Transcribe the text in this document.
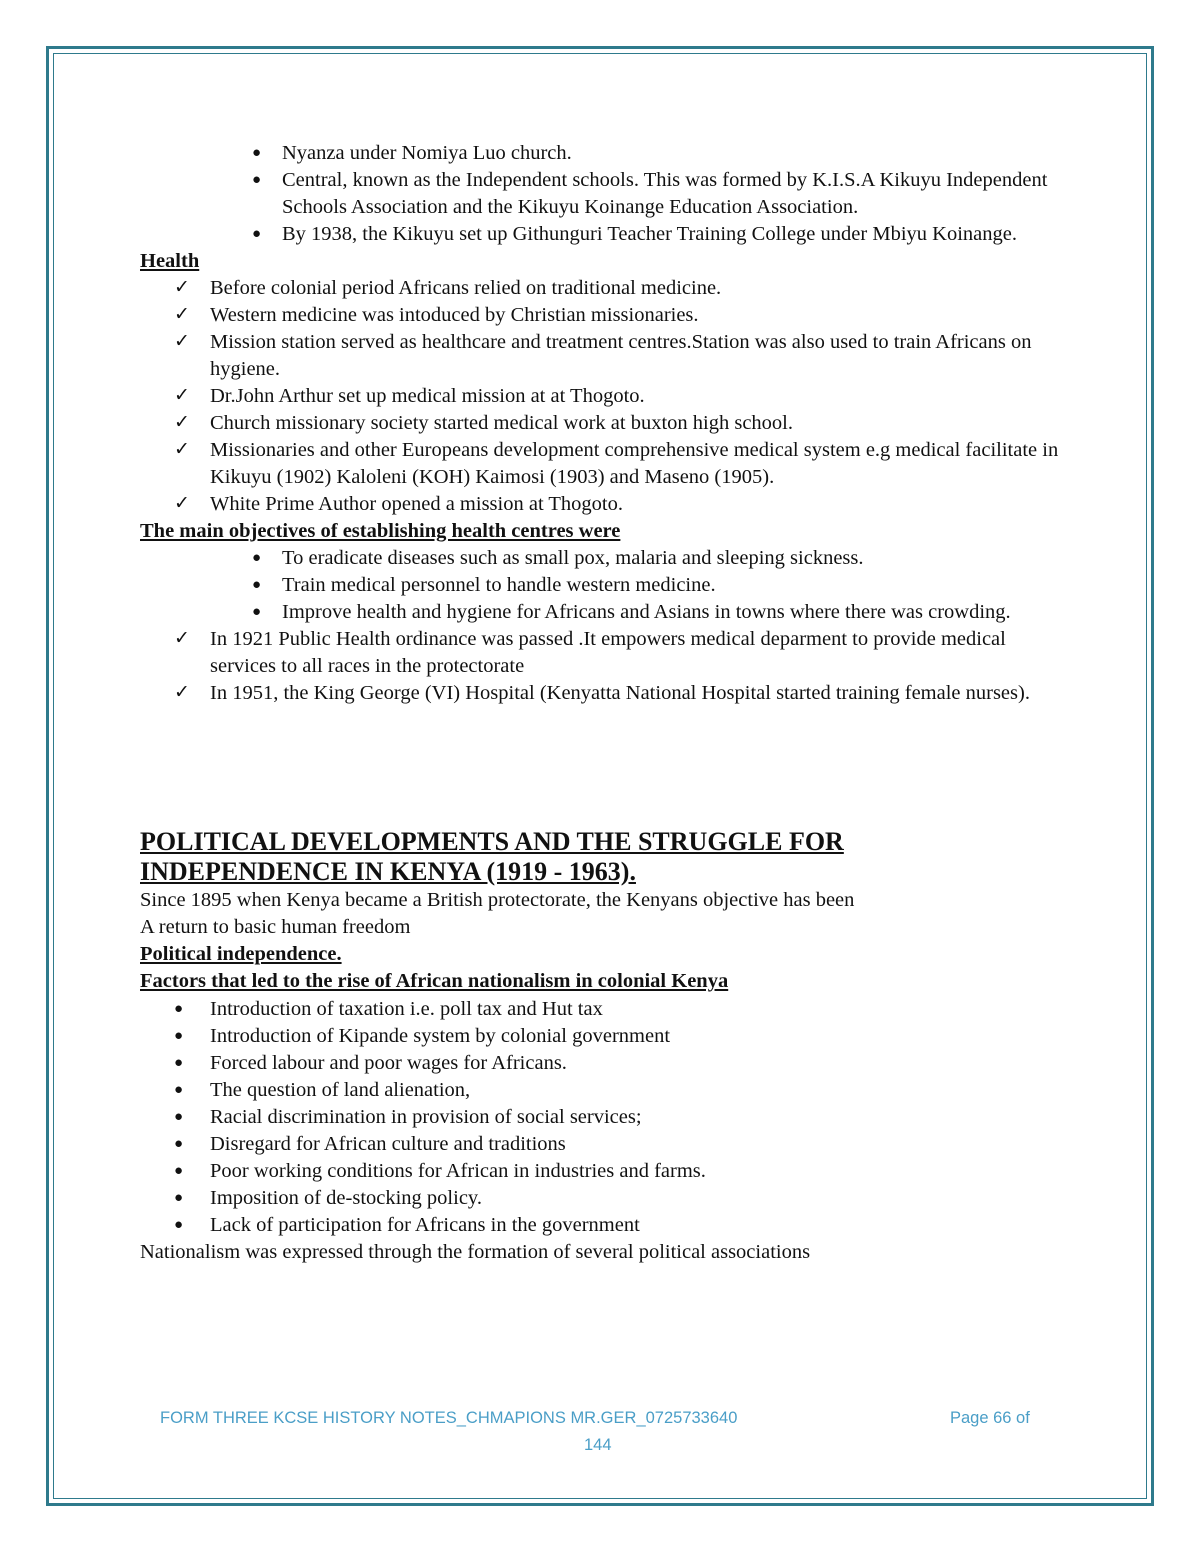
● Nyanza under Nomiya Luo church.
● Central, known as the Independent schools. This was formed by K.I.S.A Kikuyu Independent Schools Association and the Kikuyu Koinange Education Association.
● By 1938, the Kikuyu set up Githunguri Teacher Training College under Mbiyu Koinange.
Health
✓ Before colonial period Africans relied on traditional medicine.
✓ Western medicine was intoduced by Christian missionaries.
✓ Mission station served as healthcare and treatment centres.Station was also used to train Africans on hygiene.
✓ Dr.John Arthur set up medical mission at at Thogoto.
✓ Church missionary society started medical work at buxton high school.
✓ Missionaries and other Europeans development comprehensive medical system e.g medical facilitate in Kikuyu (1902) Kaloleni (KOH) Kaimosi (1903) and Maseno (1905).
✓ White Prime Author opened a mission at Thogoto.
The main objectives of establishing health centres were
● To eradicate diseases such as small pox, malaria and sleeping sickness.
● Train medical personnel to handle western medicine.
● Improve health and hygiene for Africans and Asians in towns where there was crowding.
✓ In 1921 Public Health ordinance was passed .It empowers medical deparment to provide medical services to all races in the protectorate
✓ In 1951, the King George (VI) Hospital (Kenyatta National Hospital started training female nurses).
POLITICAL DEVELOPMENTS AND THE STRUGGLE FOR
INDEPENDENCE IN KENYA (1919 - 1963).
Since 1895 when Kenya became a British protectorate, the Kenyans objective has been
A return to basic human freedom
Political independence.
Factors that led to the rise of African nationalism in colonial Kenya
● Introduction of taxation i.e. poll tax and Hut tax
● Introduction of Kipande system by colonial government
● Forced labour and poor wages for Africans.
● The question of land alienation,
● Racial discrimination in provision of social services;
● Disregard for African culture and traditions
● Poor working conditions for African in industries and farms.
● Imposition of de-stocking policy.
● Lack of participation for Africans in the government
Nationalism was expressed through the formation of several political associations
FORM THREE KCSE HISTORY NOTES_CHMAPIONS MR.GER_0725733640	Page 66 of
144
